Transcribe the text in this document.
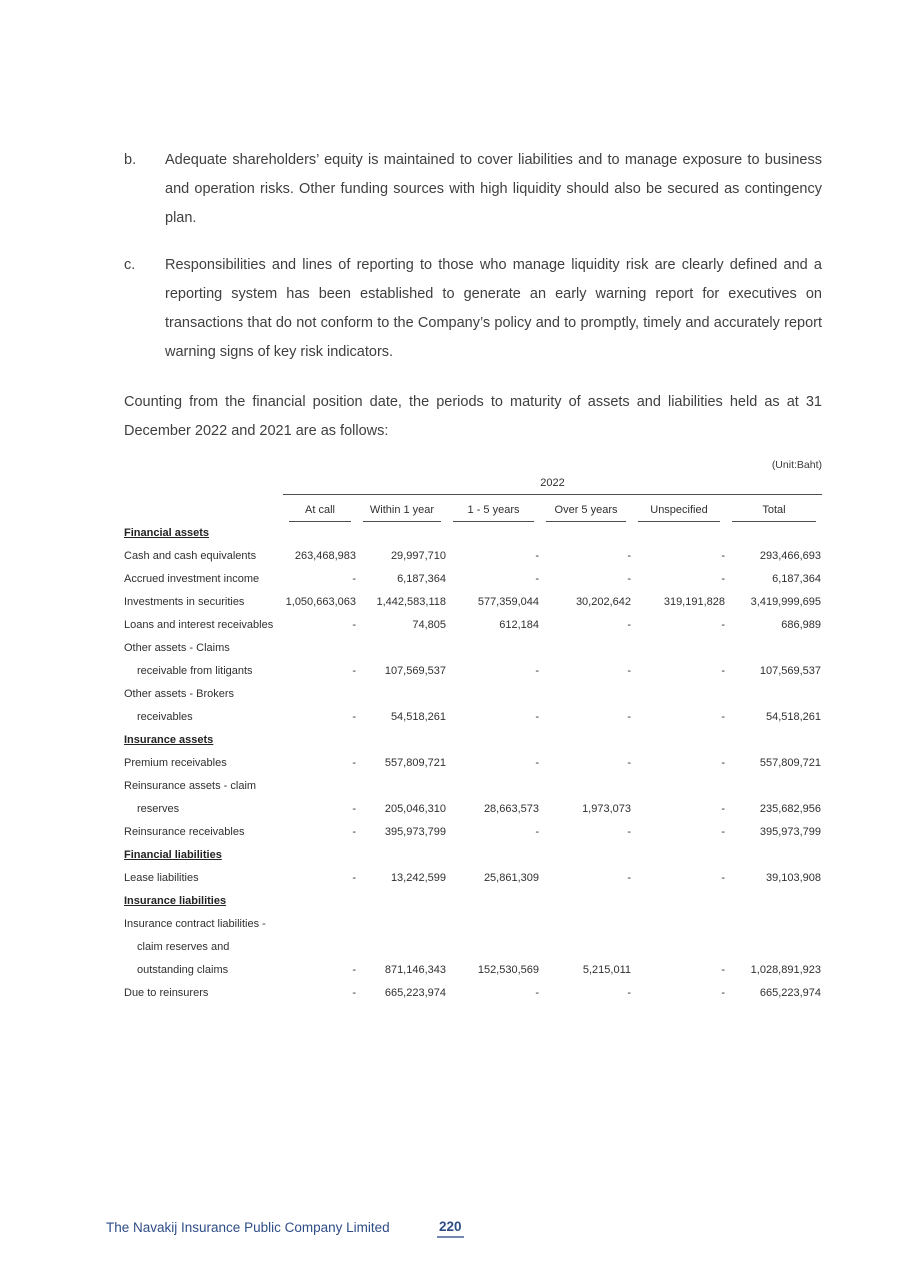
b.	Adequate shareholders’ equity is maintained to cover liabilities and to manage exposure to business and operation risks. Other funding sources with high liquidity should also be secured as contingency plan.
c.	Responsibilities and lines of reporting to those who manage liquidity risk are clearly defined and a reporting system has been established to generate an early warning report for executives on transactions that do not conform to the Company’s policy and to promptly, timely and accurately report warning signs of key risk indicators.
Counting from the financial position date, the periods to maturity of assets and liabilities held as at 31 December 2022 and 2021 are as follows:
(Unit:Baht)
	2022					

	At call	Within 1 year	1 - 5 years	Over 5 years	Unspecified	Total

Financial assets						
Cash and cash equivalents	263,468,983	29,997,710	-	-	-	293,466,693
Accrued investment income	-	6,187,364	-	-	-	6,187,364
Investments in securities	1,050,663,063	1,442,583,118	577,359,044	30,202,642	319,191,828	3,419,999,695
Loans and interest receivables	-	74,805	612,184	-	-	686,989
Other assets - Claims						
receivable from litigants	-	107,569,537	-	-	-	107,569,537
Other assets - Brokers						
receivables	-	54,518,261	-	-	-	54,518,261
Insurance assets						
Premium receivables	-	557,809,721	-	-	-	557,809,721
Reinsurance assets - claim						
reserves	-	205,046,310	28,663,573	1,973,073	-	235,682,956
Reinsurance receivables	-	395,973,799	-	-	-	395,973,799
Financial liabilities						
Lease liabilities	-	13,242,599	25,861,309	-	-	39,103,908
Insurance liabilities						
Insurance contract liabilities -						
claim reserves and						
outstanding claims	-	871,146,343	152,530,569	5,215,011	-	1,028,891,923
Due to reinsurers	-	665,223,974	-	-	-	665,223,974
The Navakij Insurance Public Company Limited	220
